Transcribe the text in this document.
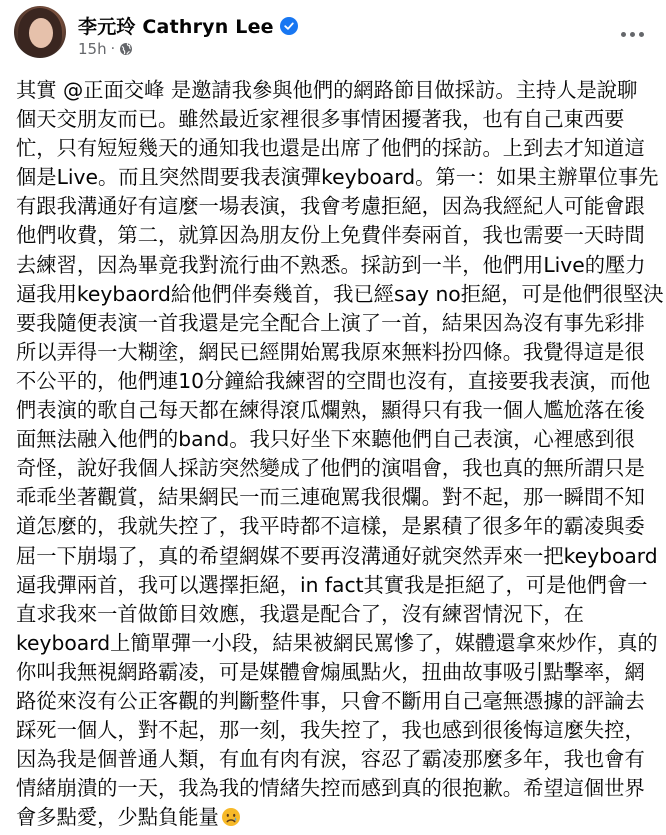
李元玲 Cathryn Lee
15h ·
其實 @正面交峰 是邀請我參與他們的網路節目做採訪。主持人是說聊
個天交朋友而已。雖然最近家裡很多事情困擾著我，也有自己東西要
忙，只有短短幾天的通知我也還是出席了他們的採訪。上到去才知道這
個是Live。而且突然間要我表演彈keyboard。第一：如果主辦單位事先
有跟我溝通好有這麼一場表演，我會考慮拒絕，因為我經紀人可能會跟
他們收費，第二，就算因為朋友份上免費伴奏兩首，我也需要一天時間
去練習，因為畢竟我對流行曲不熟悉。採訪到一半，他們用Live的壓力
逼我用keybaord給他們伴奏幾首，我已經say no拒絕，可是他們很堅決
要我隨便表演一首我還是完全配合上演了一首，結果因為沒有事先彩排
所以弄得一大糊塗，網民已經開始罵我原來無料扮四條。我覺得這是很
不公平的，他們連10分鐘給我練習的空間也沒有，直接要我表演，而他
們表演的歌自己每天都在練得滾瓜爛熟，顯得只有我一個人尷尬落在後
面無法融入他們的band。我只好坐下來聽他們自己表演，心裡感到很
奇怪，說好我個人採訪突然變成了他們的演唱會，我也真的無所謂只是
乖乖坐著觀賞，結果網民一而三連砲罵我很爛。對不起，那一瞬間不知
道怎麼的，我就失控了，我平時都不這樣，是累積了很多年的霸凌與委
屈一下崩塌了，真的希望網媒不要再沒溝通好就突然弄來一把keyboard
逼我彈兩首，我可以選擇拒絕，in fact其實我是拒絕了，可是他們會一
直求我來一首做節目效應，我還是配合了，沒有練習情況下，在
keyboard上簡單彈一小段，結果被網民罵慘了，媒體還拿來炒作，真的
你叫我無視網路霸凌，可是媒體會煽風點火，扭曲故事吸引點擊率，網
路從來沒有公正客觀的判斷整件事，只會不斷用自己毫無憑據的評論去
踩死一個人，對不起，那一刻，我失控了，我也感到很後悔這麼失控，
因為我是個普通人類，有血有肉有淚，容忍了霸凌那麼多年，我也會有
情緒崩潰的一天，我為我的情緒失控而感到真的很抱歉。希望這個世界
會多點愛，少點負能量
